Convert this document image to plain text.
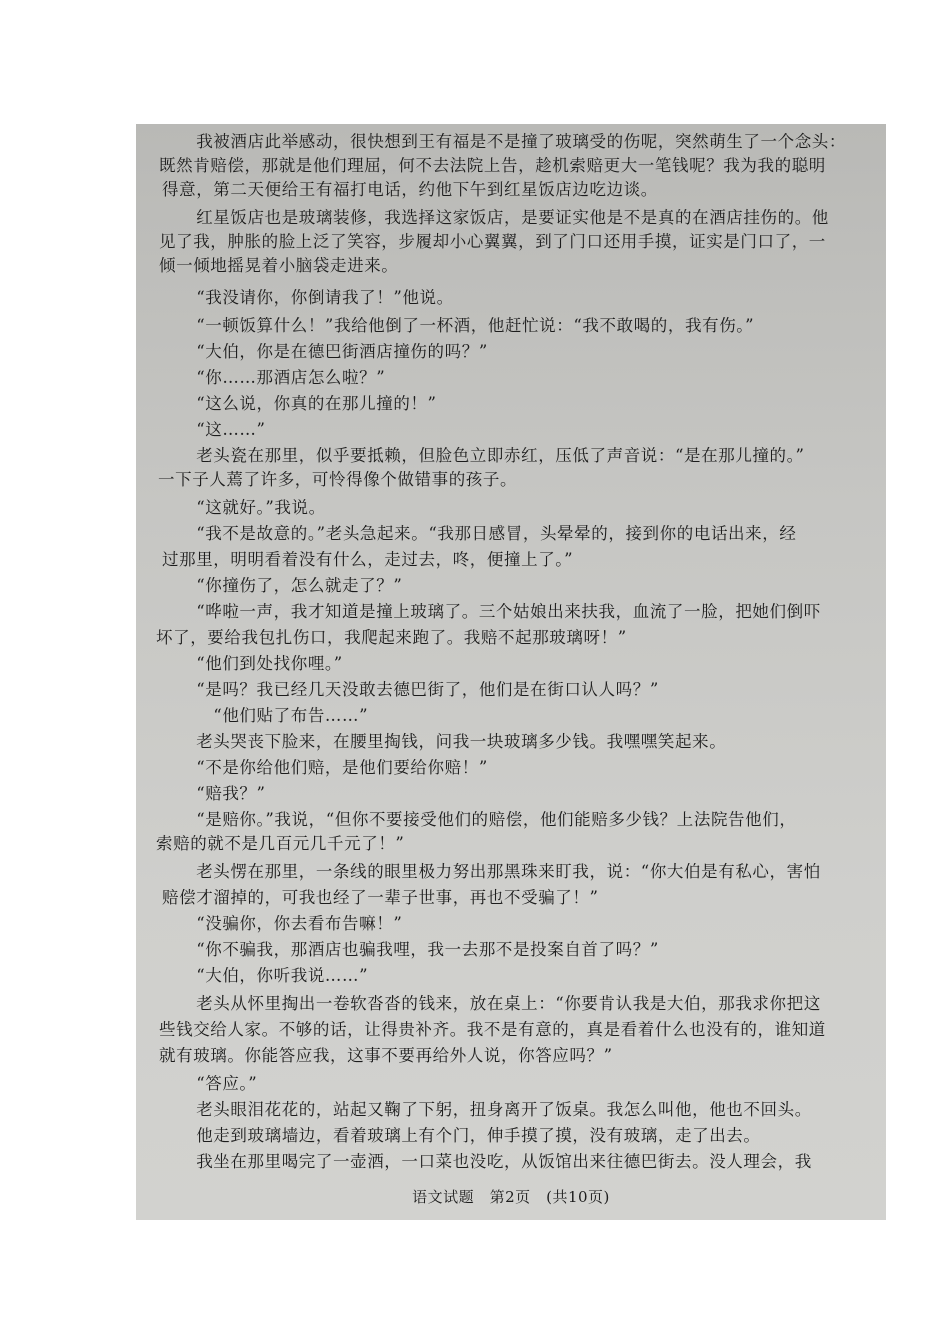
　　我被酒店此举感动，很快想到王有福是不是撞了玻璃受的伤呢，突然萌生了一个念头：
既然肯赔偿，那就是他们理屈，何不去法院上告，趁机索赔更大一笔钱呢？我为我的聪明
得意，第二天便给王有福打电话，约他下午到红星饭店边吃边谈。
　　红星饭店也是玻璃装修，我选择这家饭店，是要证实他是不是真的在酒店挂伤的。他
见了我，肿胀的脸上泛了笑容，步履却小心翼翼，到了门口还用手摸，证实是门口了，一
倾一倾地摇晃着小脑袋走进来。
　　“我没请你，你倒请我了！”他说。
　　“一顿饭算什么！”我给他倒了一杯酒，他赶忙说：“我不敢喝的，我有伤。”
　　“大伯，你是在德巴街酒店撞伤的吗？”
　　“你……那酒店怎么啦？”
　　“这么说，你真的在那儿撞的！”
　　“这……”
　　老头瓷在那里，似乎要抵赖，但脸色立即赤红，压低了声音说：“是在那儿撞的。”
一下子人蔫了许多，可怜得像个做错事的孩子。
　　“这就好。”我说。
　　“我不是故意的。”老头急起来。“我那日感冒，头晕晕的，接到你的电话出来，经
过那里，明明看着没有什么，走过去，咚，便撞上了。”
　　“你撞伤了，怎么就走了？”
　　“哗啦一声，我才知道是撞上玻璃了。三个姑娘出来扶我，血流了一脸，把她们倒吓
坏了，要给我包扎伤口，我爬起来跑了。我赔不起那玻璃呀！”
　　“他们到处找你哩。”
　　“是吗？我已经几天没敢去德巴街了，他们是在街口认人吗？”
　　　“他们贴了布告……”
　　老头哭丧下脸来，在腰里掏钱，问我一块玻璃多少钱。我嘿嘿笑起来。
　　“不是你给他们赔，是他们要给你赔！”
　　“赔我？”
　　“是赔你。”我说，“但你不要接受他们的赔偿，他们能赔多少钱？上法院告他们，
索赔的就不是几百元几千元了！”
　　老头愣在那里，一条线的眼里极力努出那黑珠来盯我，说：“你大伯是有私心，害怕
赔偿才溜掉的，可我也经了一辈子世事，再也不受骗了！”
　　“没骗你，你去看布告嘛！”
　　“你不骗我，那酒店也骗我哩，我一去那不是投案自首了吗？”
　　“大伯，你听我说……”
　　老头从怀里掏出一卷软沓沓的钱来，放在桌上：“你要肯认我是大伯，那我求你把这
些钱交给人家。不够的话，让得贵补齐。我不是有意的，真是看着什么也没有的，谁知道
就有玻璃。你能答应我，这事不要再给外人说，你答应吗？”
　　“答应。”
　　老头眼泪花花的，站起又鞠了下躬，扭身离开了饭桌。我怎么叫他，他也不回头。
　　他走到玻璃墙边，看着玻璃上有个门，伸手摸了摸，没有玻璃，走了出去。
　　我坐在那里喝完了一壶酒，一口菜也没吃，从饭馆出来往德巴街去。没人理会，我
语文试题　第2页　(共10页)
